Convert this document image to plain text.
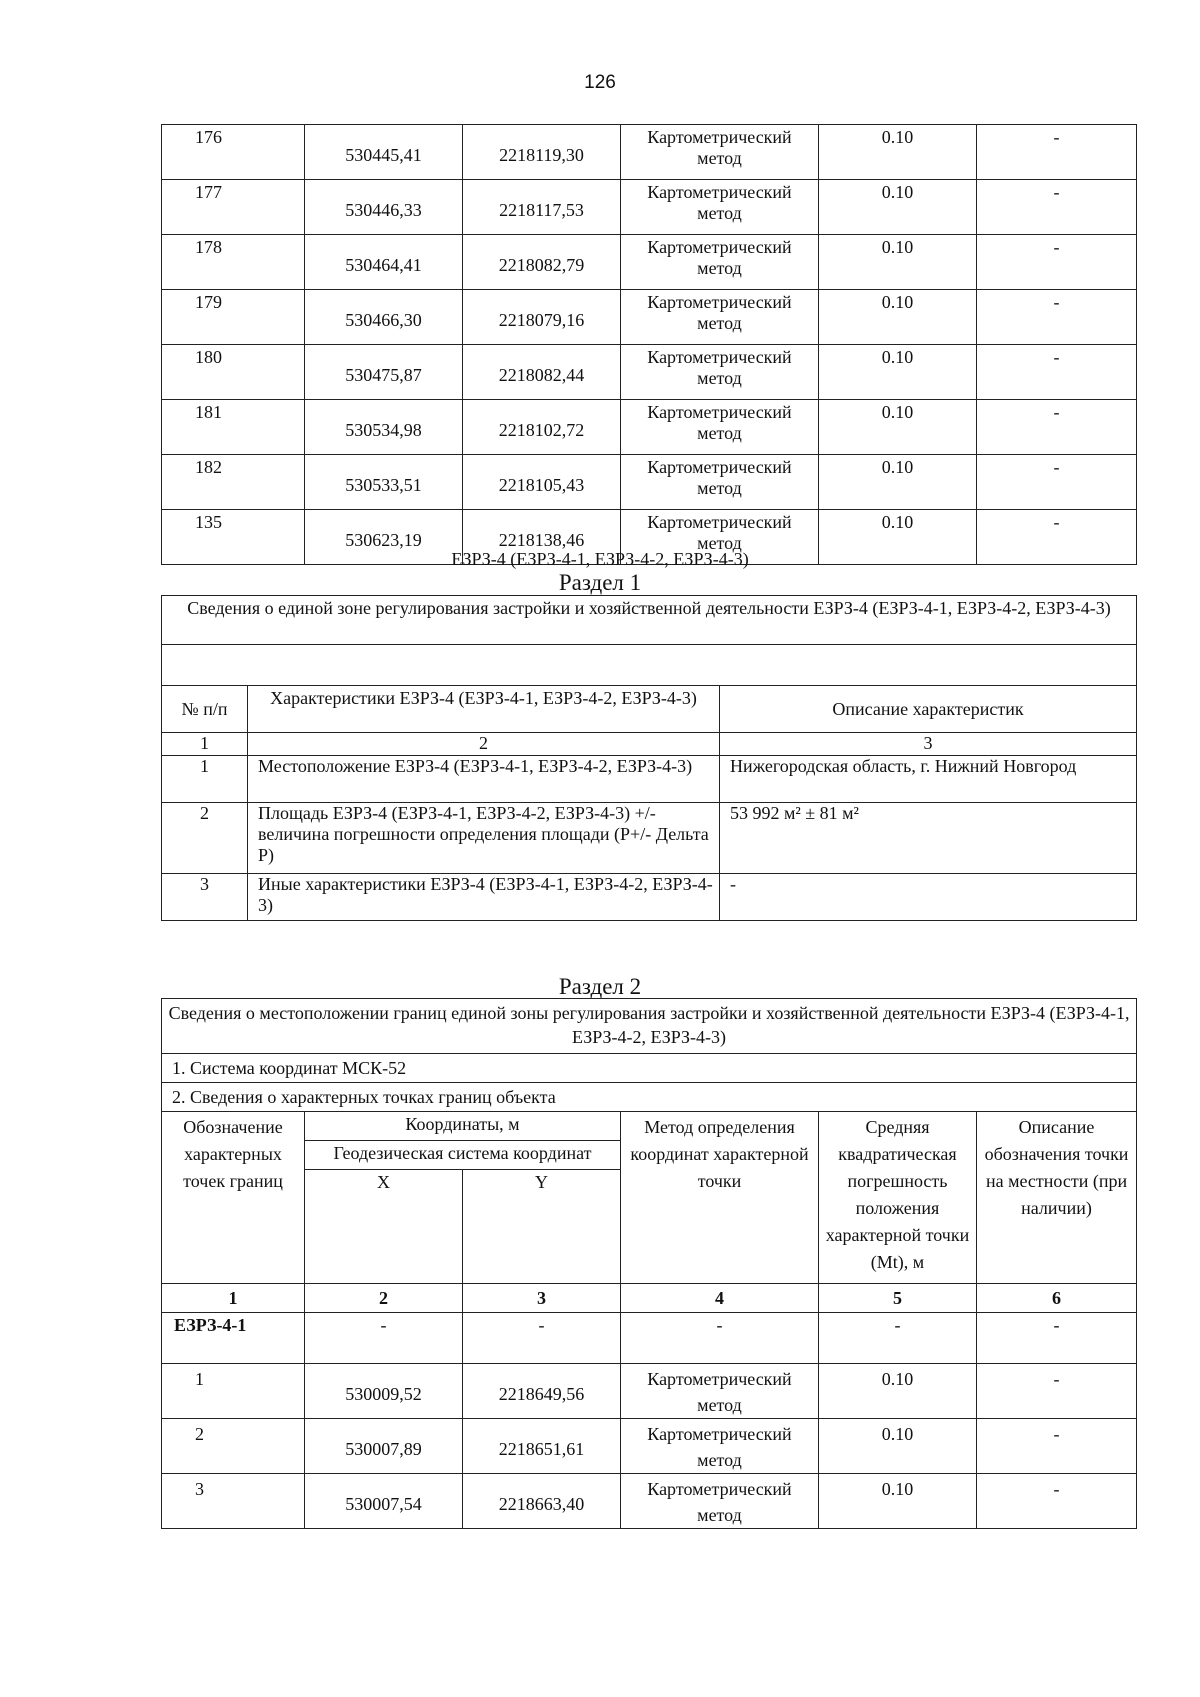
126
176	530445,41	2218119,30	Картометрический метод	0.10	-
177	530446,33	2218117,53	Картометрический метод	0.10	-
178	530464,41	2218082,79	Картометрический метод	0.10	-
179	530466,30	2218079,16	Картометрический метод	0.10	-
180	530475,87	2218082,44	Картометрический метод	0.10	-
181	530534,98	2218102,72	Картометрический метод	0.10	-
182	530533,51	2218105,43	Картометрический метод	0.10	-
135	530623,19	2218138,46	Картометрический метод	0.10	-
ЕЗРЗ-4 (ЕЗРЗ-4-1, ЕЗРЗ-4-2, ЕЗРЗ-4-3)
Раздел 1
Сведения о единой зоне регулирования застройки и хозяйственной деятельности ЕЗРЗ-4 (ЕЗРЗ-4-1, ЕЗРЗ-4-2, ЕЗРЗ-4-3)		

№ п/п	Характеристики ЕЗРЗ-4 (ЕЗРЗ-4-1, ЕЗРЗ-4-2, ЕЗРЗ-4-3)	Описание характеристик
1	2	3
1	Местоположение ЕЗРЗ-4 (ЕЗРЗ-4-1, ЕЗРЗ-4-2, ЕЗРЗ-4-3)	Нижегородская область, г. Нижний Новгород
2	Площадь ЕЗРЗ-4 (ЕЗРЗ-4-1, ЕЗРЗ-4-2, ЕЗРЗ-4-3) +/- величина погрешности определения площади (P+/- Дельта P)	53 992 м² ± 81 м²
3	Иные характеристики ЕЗРЗ-4 (ЕЗРЗ-4-1, ЕЗРЗ-4-2, ЕЗРЗ-4-3)	-
Раздел 2
Сведения о местоположении границ единой зоны регулирования застройки и хозяйственной деятельности ЕЗРЗ-4 (ЕЗРЗ-4-1, ЕЗРЗ-4-2, ЕЗРЗ-4-3)					
1. Система координат МСК-52					
2. Сведения о характерных точках границ объекта					
Обозначение характерных точек границ	Координаты, м		Метод определения координат характерной точки	Средняя квадратическая погрешность положения характерной точки (Mt), м	Описание обозначения точки на местности (при наличии)
	Геодезическая система координат				
	X	Y			
1	2	3	4	5	6
ЕЗРЗ-4-1	-	-	-	-	-
1	530009,52	2218649,56	Картометрический метод	0.10	-
2	530007,89	2218651,61	Картометрический метод	0.10	-
3	530007,54	2218663,40	Картометрический метод	0.10	-
